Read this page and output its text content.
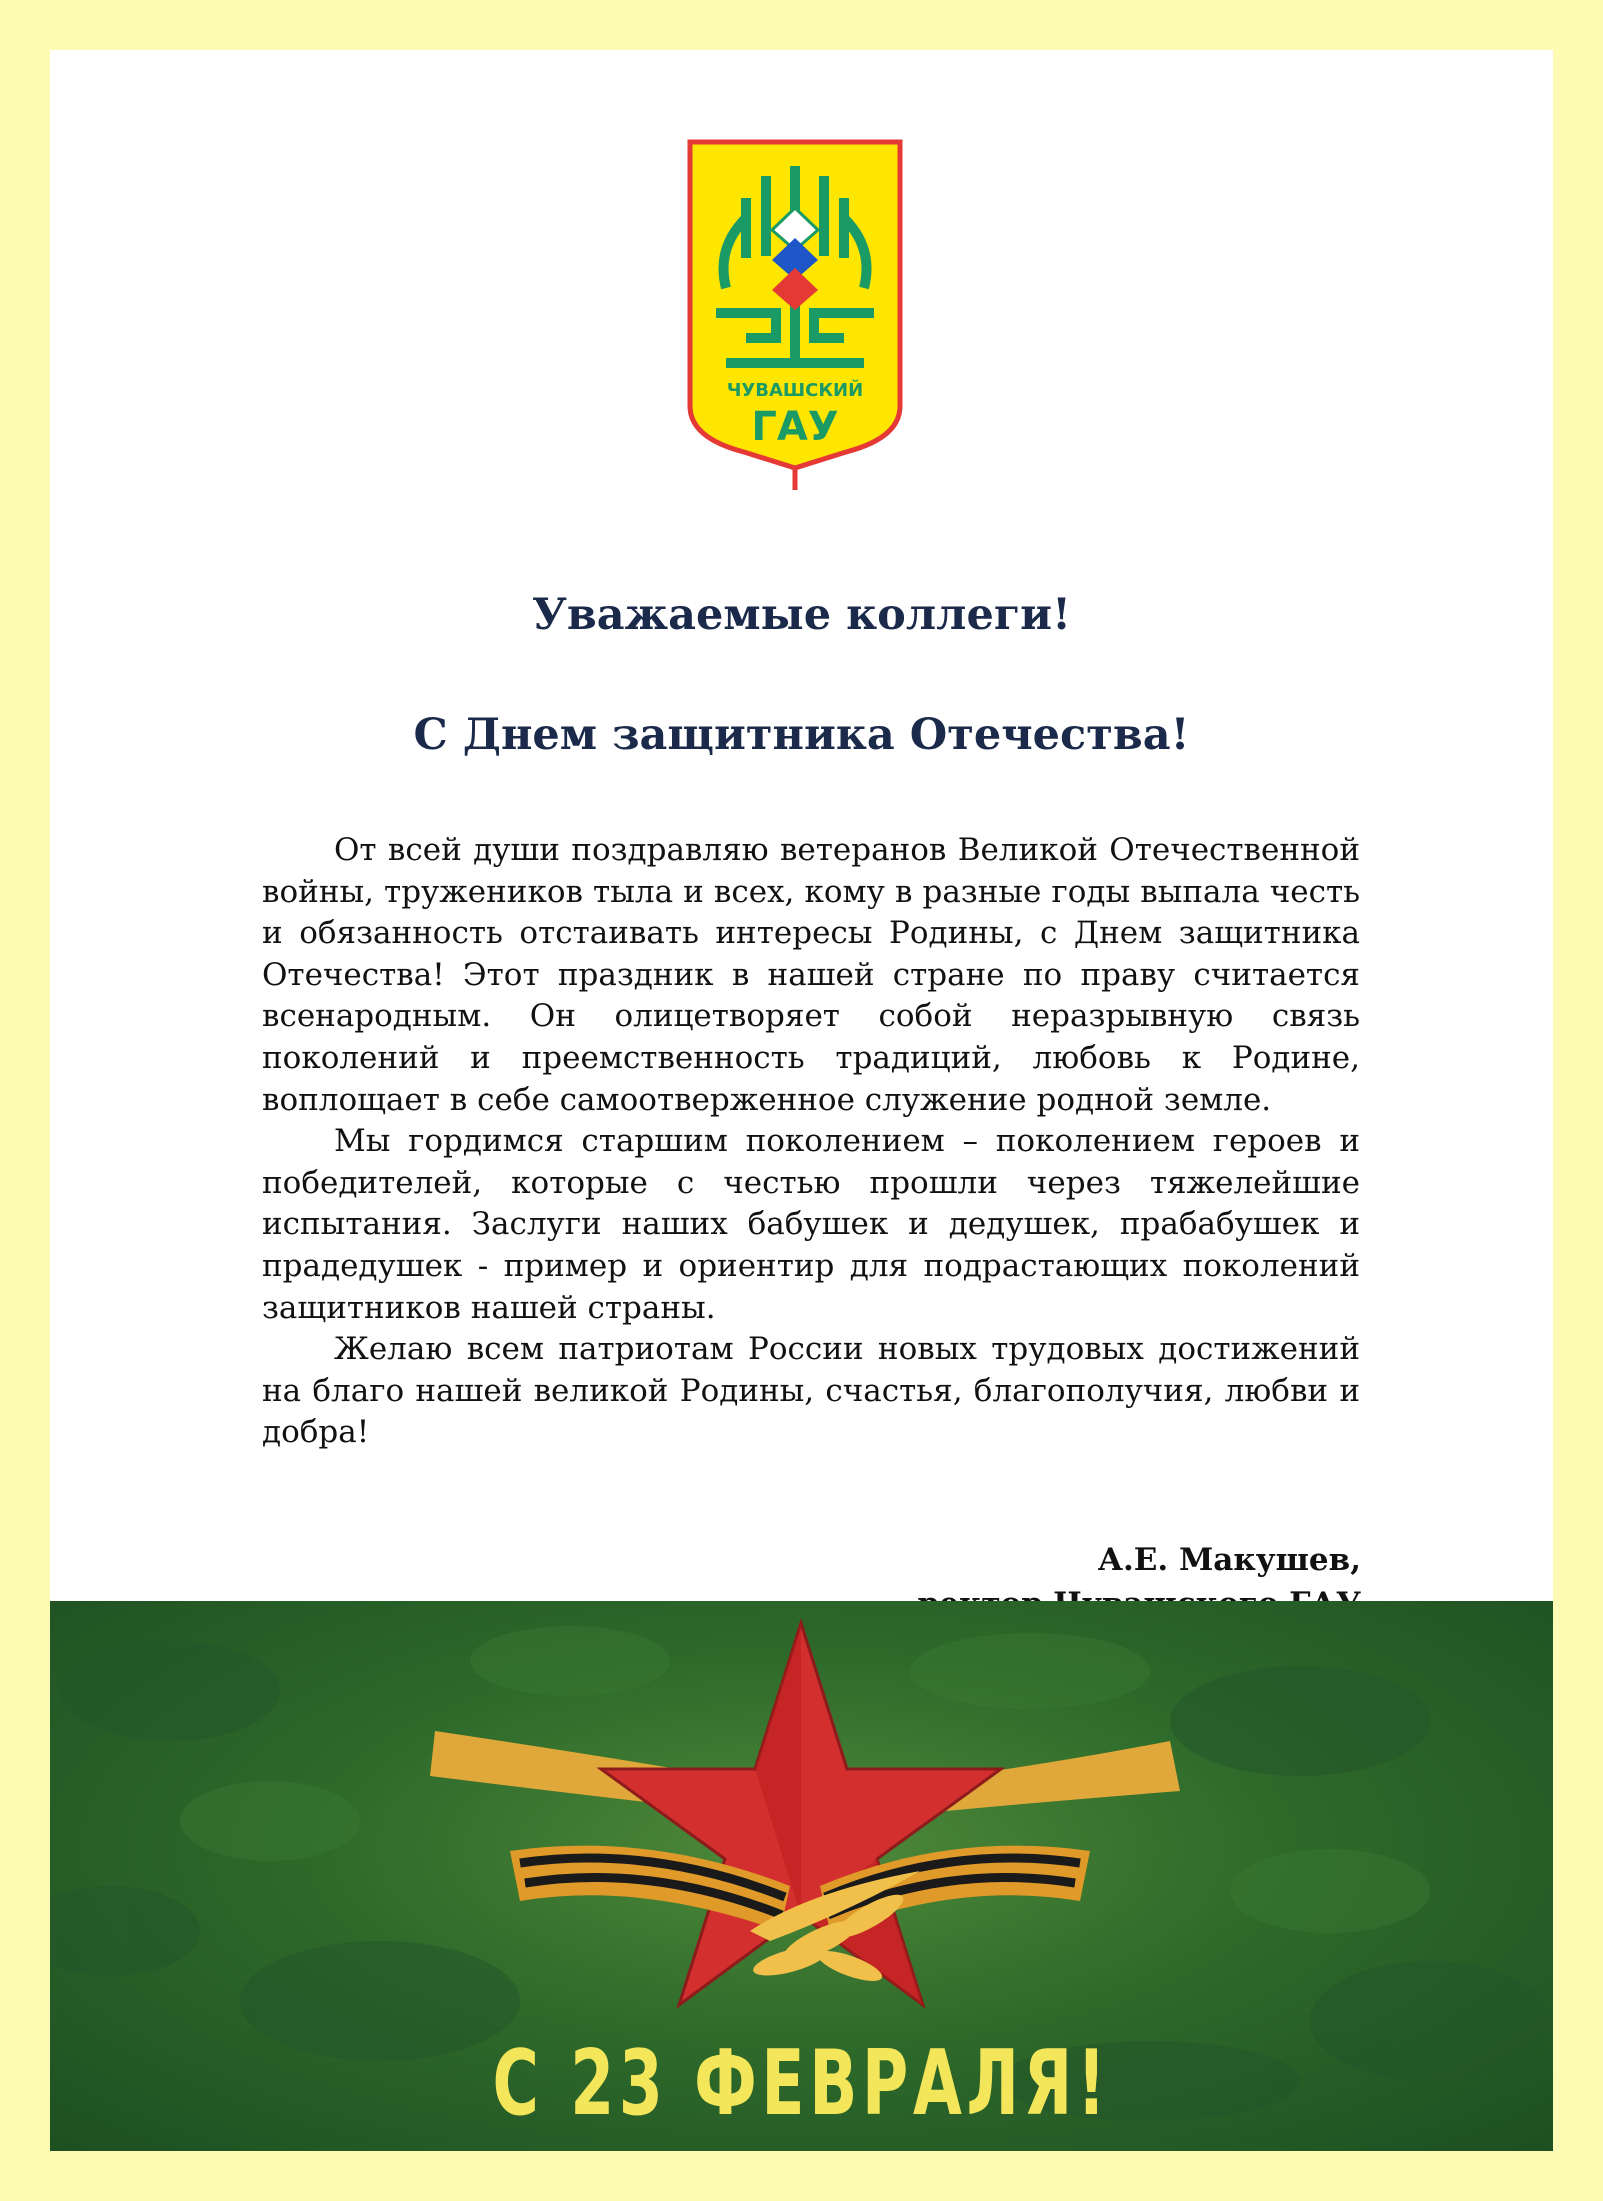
ЧУВАШСКИЙ
ГАУ
Уважаемые коллеги!
С Днем защитника Отечества!

От всей души поздравляю ветеранов Великой Отечественной войны, тружеников тыла и всех, кому в разные годы выпала честь и обязанность отстаивать интересы Родины, с Днем защитника Отечества! Этот праздник в нашей стране по праву считается всенародным. Он олицетворяет собой неразрывную связь поколений и преемственность традиций, любовь к Родине, воплощает в себе самоотверженное служение родной земле.

Мы гордимся старшим поколением – поколением героев и победителей, которые с честью прошли через тяжелейшие испытания. Заслуги наших бабушек и дедушек, прабабушек и прадедушек - пример и ориентир для подрастающих поколений защитников нашей страны.

Желаю всем патриотам России новых трудовых достижений на благо нашей великой Родины, счастья, благополучия, любви и добра!

А.Е. Макушев,
С 23 ФЕВРАЛЯ!
